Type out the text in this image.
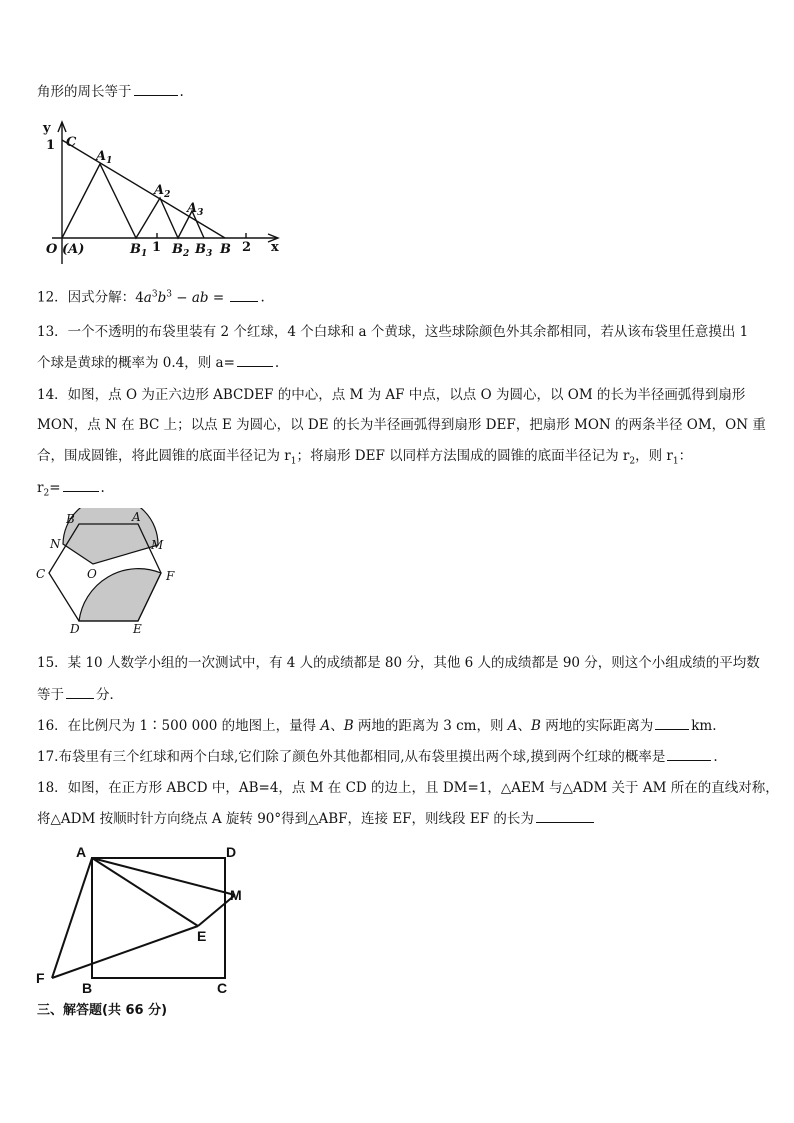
角形的周长等于	.
y
1 C
$A_1$
$A_2$
$A_3$
O (A)	$B_1$ 1 $B_2$ $B_3$ B 2 x
12．因式分解：$4a^3b^3$ − ab = .
13．一个不透明的布袋里装有 2 个红球，4 个白球和 a 个黄球，这些球除颜色外其余都相同，若从该布袋里任意摸出 1
个球是黄球的概率为 0.4，则 a=	.
14．如图，点 O 为正六边形 ABCDEF 的中心，点 M 为 AF 中点，以点 O 为圆心，以 OM 的长为半径画弧得到扇形
MON，点 N 在 BC 上；以点 E 为圆心，以 DE 的长为半径画弧得到扇形 DEF，把扇形 MON 的两条半径 OM，ON 重
合，围成圆锥，将此圆锥的底面半径记为 $r_1$；将扇形 DEF 以同样方法围成的圆锥的底面半径记为 $r_2$，则 $r_1$：
$r_2=$	.
B	A
N	M
C	O	F
D	E
15．某 10 人数学小组的一次测试中，有 4 人的成绩都是 80 分，其他 6 人的成绩都是 90 分，则这个小组成绩的平均数
等于 分．
16．在比例尺为 1∶500 000 的地图上，量得 A、B 两地的距离为 3 cm，则 A、B 两地的实际距离为	km.
17.布袋里有三个红球和两个白球,它们除了颜色外其他都相同,从布袋里摸出两个球,摸到两个红球的概率是	.
18．如图，在正方形 ABCD 中，AB=4，点 M 在 CD 的边上，且 DM=1，△AEM 与△ADM 关于 AM 所在的直线对称，
将△ADM 按顺时针方向绕点 A 旋转 90°得到△ABF，连接 EF，则线段 EF 的长为
A	D
M
E
F
B	C
三、解答题(共 66 分)
